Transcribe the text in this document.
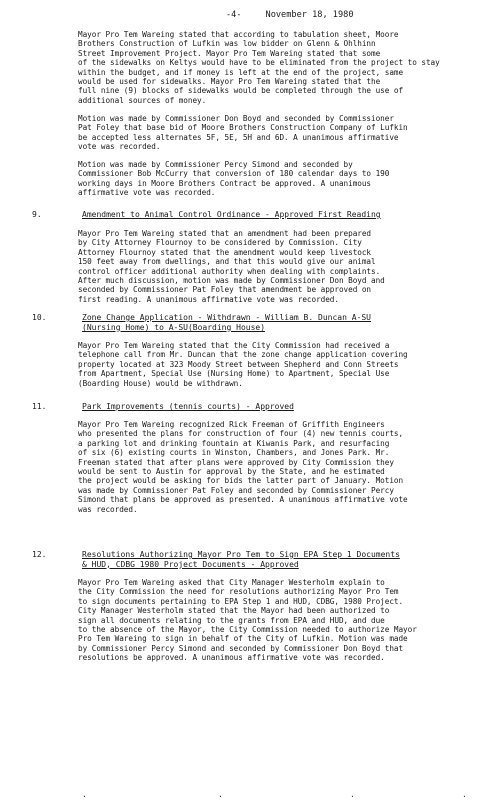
-4-	November 18, 1980
Mayor Pro Tem Wareing stated that according to tabulation sheet, Moore
Brothers Construction of Lufkin was low bidder on Glenn & Ohlhinn
Street Improvement Project. Mayor Pro Tem Wareing stated that some
of the sidewalks on Keltys would have to be eliminated from the project to stay
within the budget, and if money is left at the end of the project, same
would be used for sidewalks. Mayor Pro Tem Wareing stated that the
full nine (9) blocks of sidewalks would be completed through the use of
additional sources of money.
Motion was made by Commissioner Don Boyd and seconded by Commissioner
Pat Foley that base bid of Moore Brothers Construction Company of Lufkin
be accepted less alternates 5F, 5E, 5H and 6D. A unanimous affirmative
vote was recorded.
Motion was made by Commissioner Percy Simond and seconded by
Commissioner Bob McCurry that conversion of 180 calendar days to 190
working days in Moore Brothers Contract be approved. A unanimous
affirmative vote was recorded.
9.	Amendment to Animal Control Ordinance - Approved First Reading
Mayor Pro Tem Wareing stated that an amendment had been prepared
by City Attorney Flournoy to be considered by Commission. City
Attorney Flournoy stated that the amendment would keep livestock
150 feet away from dwellings, and that this would give our animal
control officer additional authority when dealing with complaints.
After much discussion, motion was made by Commissioner Don Boyd and
seconded by Commissioner Pat Foley that amendment be approved on
first reading. A unanimous affirmative vote was recorded.
10.	Zone Change Application - Withdrawn - William B. Duncan A-SU
(Nursing Home) to A-SU(Boarding House)
Mayor Pro Tem Wareing stated that the City Commission had received a
telephone call from Mr. Duncan that the zone change application covering
property located at 323 Moody Street between Shepherd and Conn Streets
from Apartment, Special Use (Nursing Home) to Apartment, Special Use
(Boarding House) would be withdrawn.
11.	Park Improvements (tennis courts) - Approved
Mayor Pro Tem Wareing recognized Rick Freeman of Griffith Engineers
who presented the plans for construction of four (4) new tennis courts,
a parking lot and drinking fountain at Kiwanis Park, and resurfacing
of six (6) existing courts in Winston, Chambers, and Jones Park. Mr.
Freeman stated that after plans were approved by City Commission they
would be sent to Austin for approval by the State, and he estimated
the project would be asking for bids the latter part of January. Motion
was made by Commissioner Pat Foley and seconded by Commissioner Percy
Simond that plans be approved as presented. A unanimous affirmative vote
was recorded.
12.	Resolutions Authorizing Mayor Pro Tem to Sign EPA Step 1 Documents
& HUD, CDBG 1980 Project Documents - Approved
Mayor Pro Tem Wareing asked that City Manager Westerholm explain to
the City Commission the need for resolutions authorizing Mayor Pro Tem
to sign documents pertaining to EPA Step 1 and HUD, CDBG, 1980 Project.
City Manager Westerholm stated that the Mayor had been authorized to
sign all documents relating to the grants from EPA and HUD, and due
to the absence of the Mayor, the City Commission needed to authorize Mayor
Pro Tem Wareing to sign in behalf of the City of Lufkin. Motion was made
by Commissioner Percy Simond and seconded by Commissioner Don Boyd that
resolutions be approved. A unanimous affirmative vote was recorded.
.	.	.	.
